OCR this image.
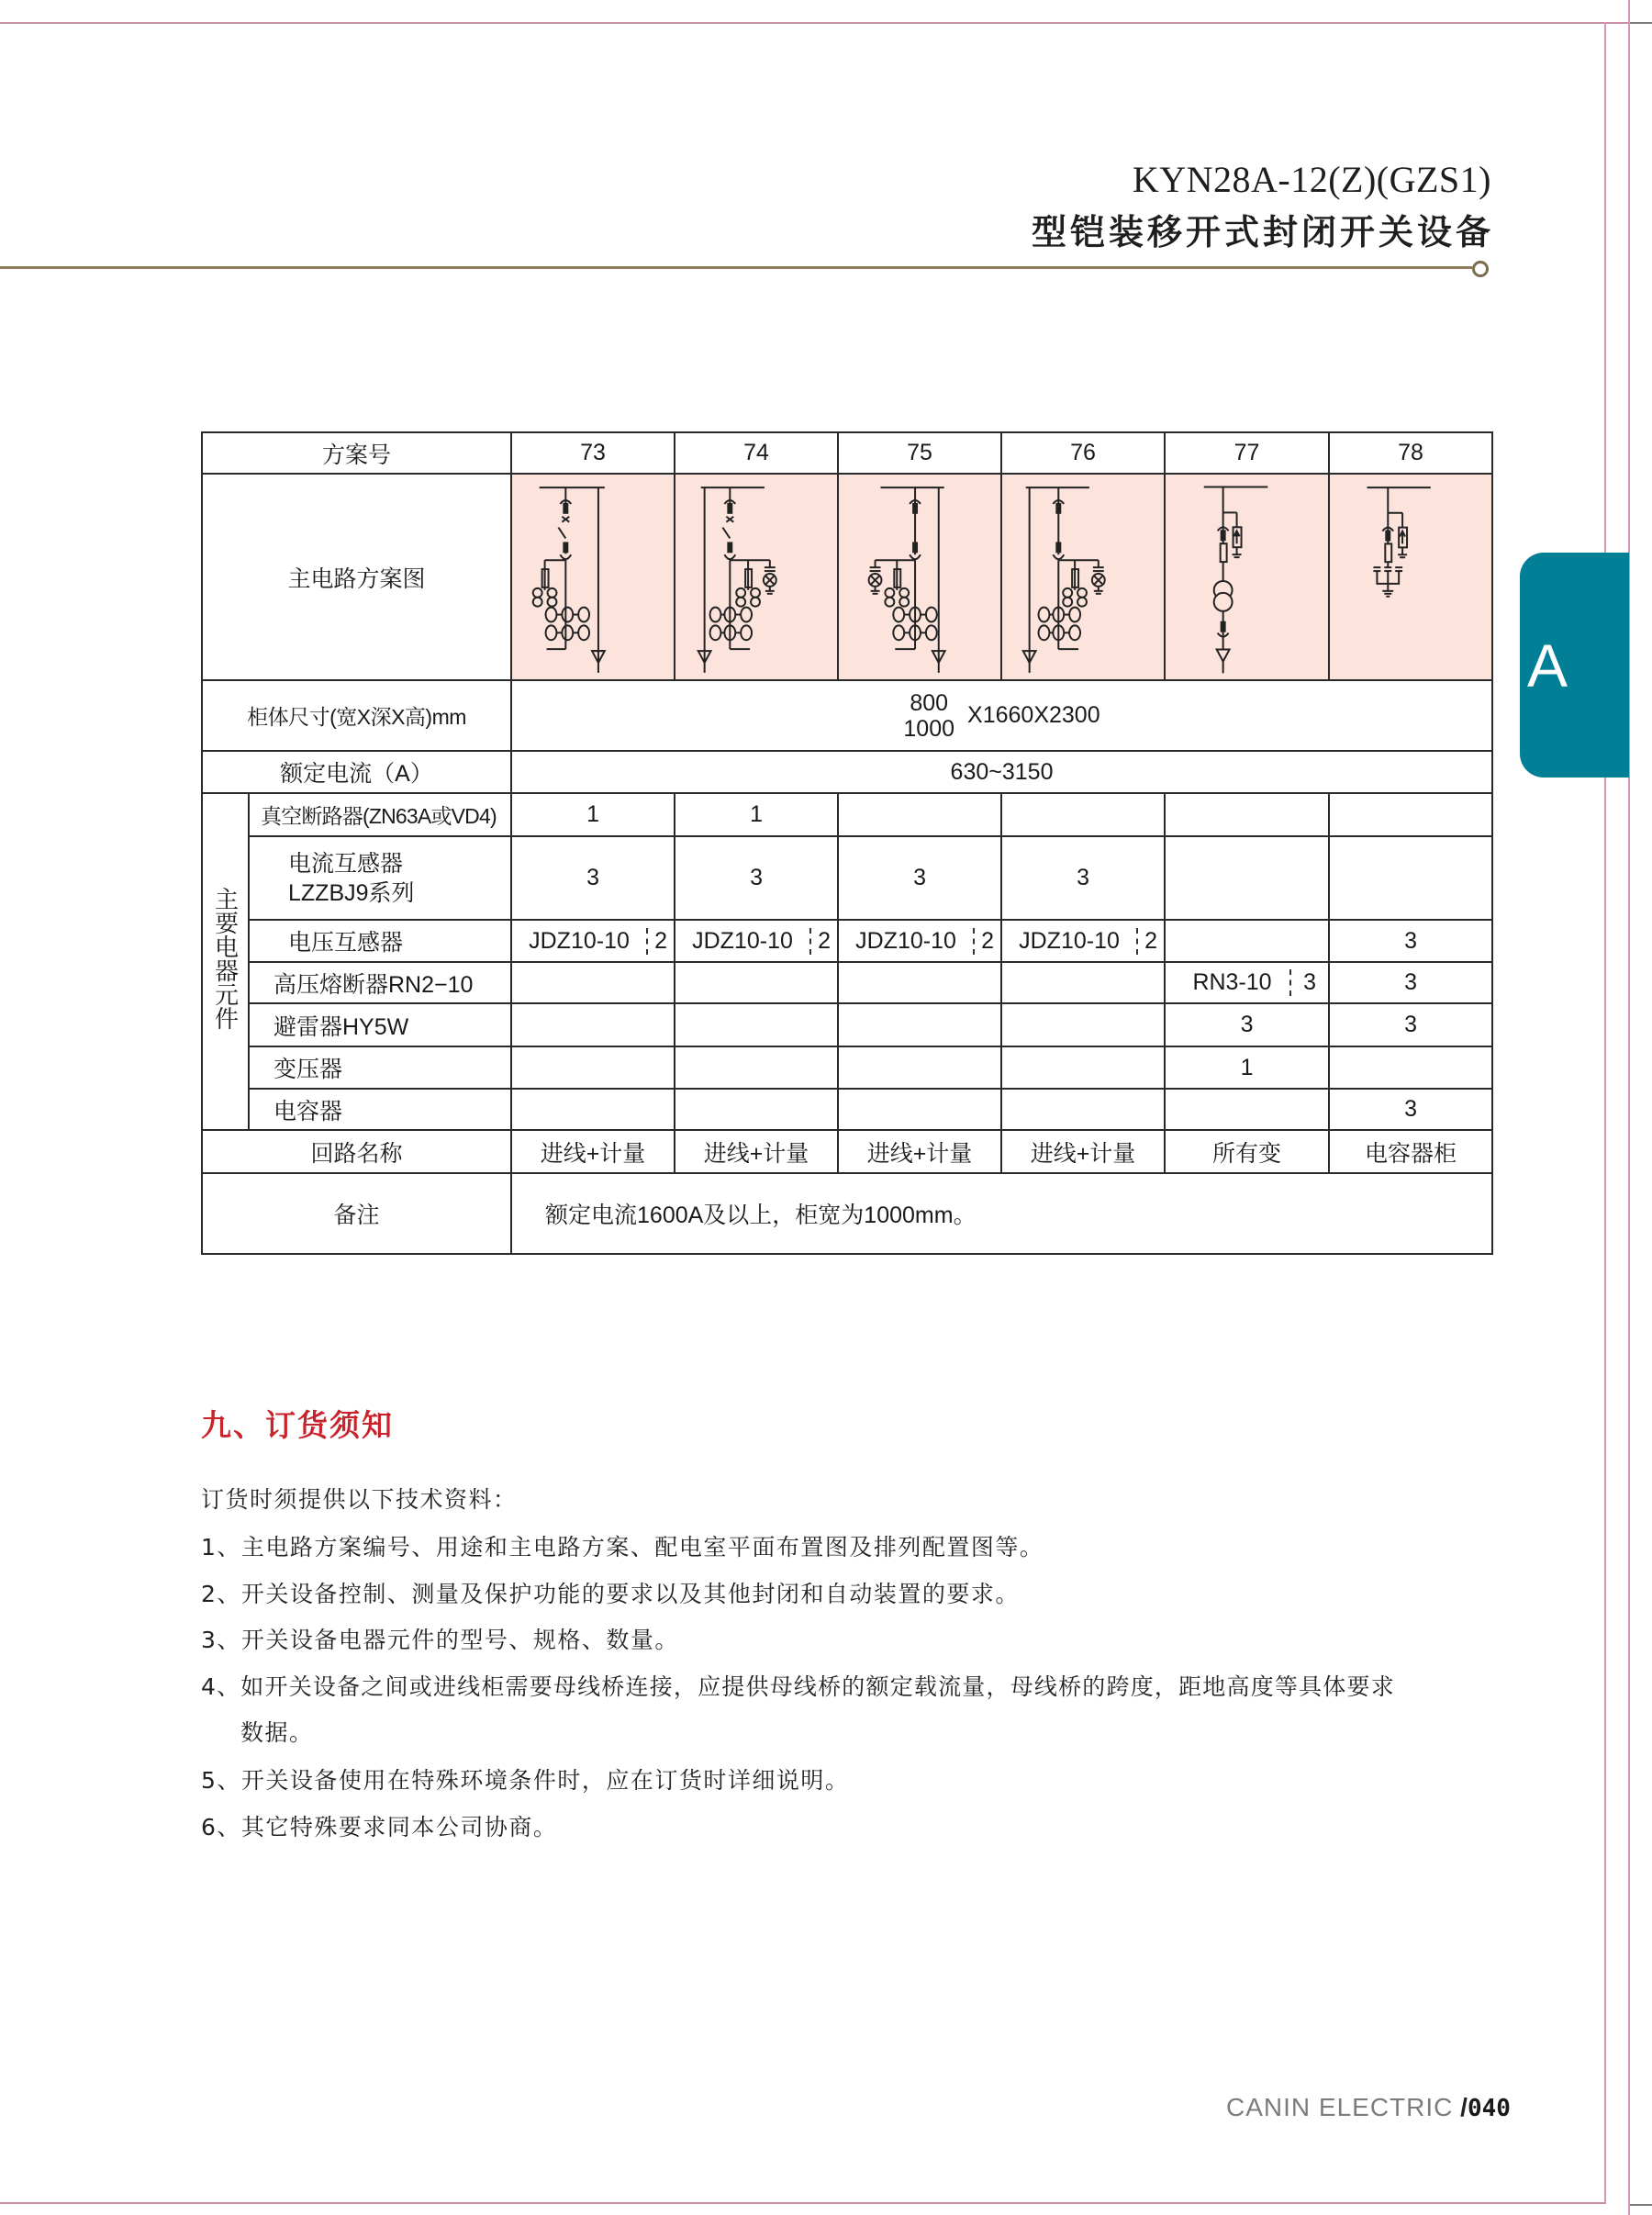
KYN28A-12(Z)(GZS1)
型铠装移开式封闭开关设备
A
方案号		73	74	75	76	77	78
主电路方案图	

柜体尺寸(宽X深X高)mm		800
1000
X1660X2300					

额定电流（A）		630~3150					
主要电器元件	真空断路器(ZN63A或VD4)	1	1				

	电流互感器
LZZBJ9系列	3	3	3	3		
	电压互感器	JDZ10-10 2	JDZ10-10 2	JDZ10-10 2	JDZ10-10 2		3
	高压熔断器RN2−10					RN3-10 3	3
	避雷器HY5W					3	3
	变压器					1	
	电容器						3
回路名称		进线+计量	进线+计量	进线+计量	进线+计量	所有变	电容器柜
备注		额定电流1600A及以上，柜宽为1000mm。					
九、订货须知
订货时须提供以下技术资料：
1、主电路方案编号、用途和主电路方案、配电室平面布置图及排列配置图等。
2、开关设备控制、测量及保护功能的要求以及其他封闭和自动装置的要求。
3、开关设备电器元件的型号、规格、数量。
4、如开关设备之间或进线柜需要母线桥连接，应提供母线桥的额定载流量，母线桥的跨度，距地高度等具体要求
数据。
5、开关设备使用在特殊环境条件时，应在订货时详细说明。
6、其它特殊要求同本公司协商。
CANIN ELECTRIC /040
